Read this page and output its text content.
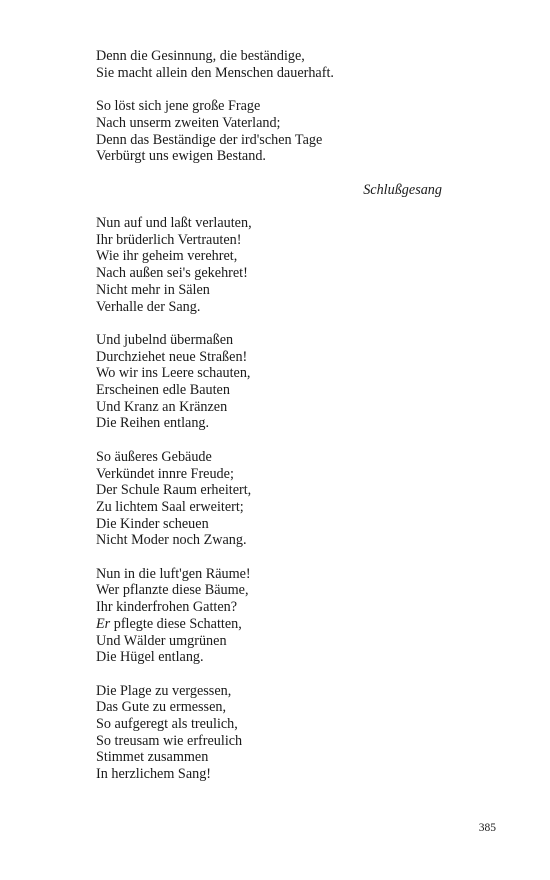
Denn die Gesinnung, die beständige,
Sie macht allein den Menschen dauerhaft.
So löst sich jene große Frage
Nach unserm zweiten Vaterland;
Denn das Beständige der ird'schen Tage
Verbürgt uns ewigen Bestand.
Schlußgesang
Nun auf und laßt verlauten,
Ihr brüderlich Vertrauten!
Wie ihr geheim verehret,
Nach außen sei's gekehret!
Nicht mehr in Sälen
Verhalle der Sang.
Und jubelnd übermaßen
Durchziehet neue Straßen!
Wo wir ins Leere schauten,
Erscheinen edle Bauten
Und Kranz an Kränzen
Die Reihen entlang.
So äußeres Gebäude
Verkündet innre Freude;
Der Schule Raum erheitert,
Zu lichtem Saal erweitert;
Die Kinder scheuen
Nicht Moder noch Zwang.
Nun in die luft'gen Räume!
Wer pflanzte diese Bäume,
Ihr kinderfrohen Gatten?
Er pflegte diese Schatten,
Und Wälder umgrünen
Die Hügel entlang.
Die Plage zu vergessen,
Das Gute zu ermessen,
So aufgeregt als treulich,
So treusam wie erfreulich
Stimmet zusammen
In herzlichem Sang!
385
